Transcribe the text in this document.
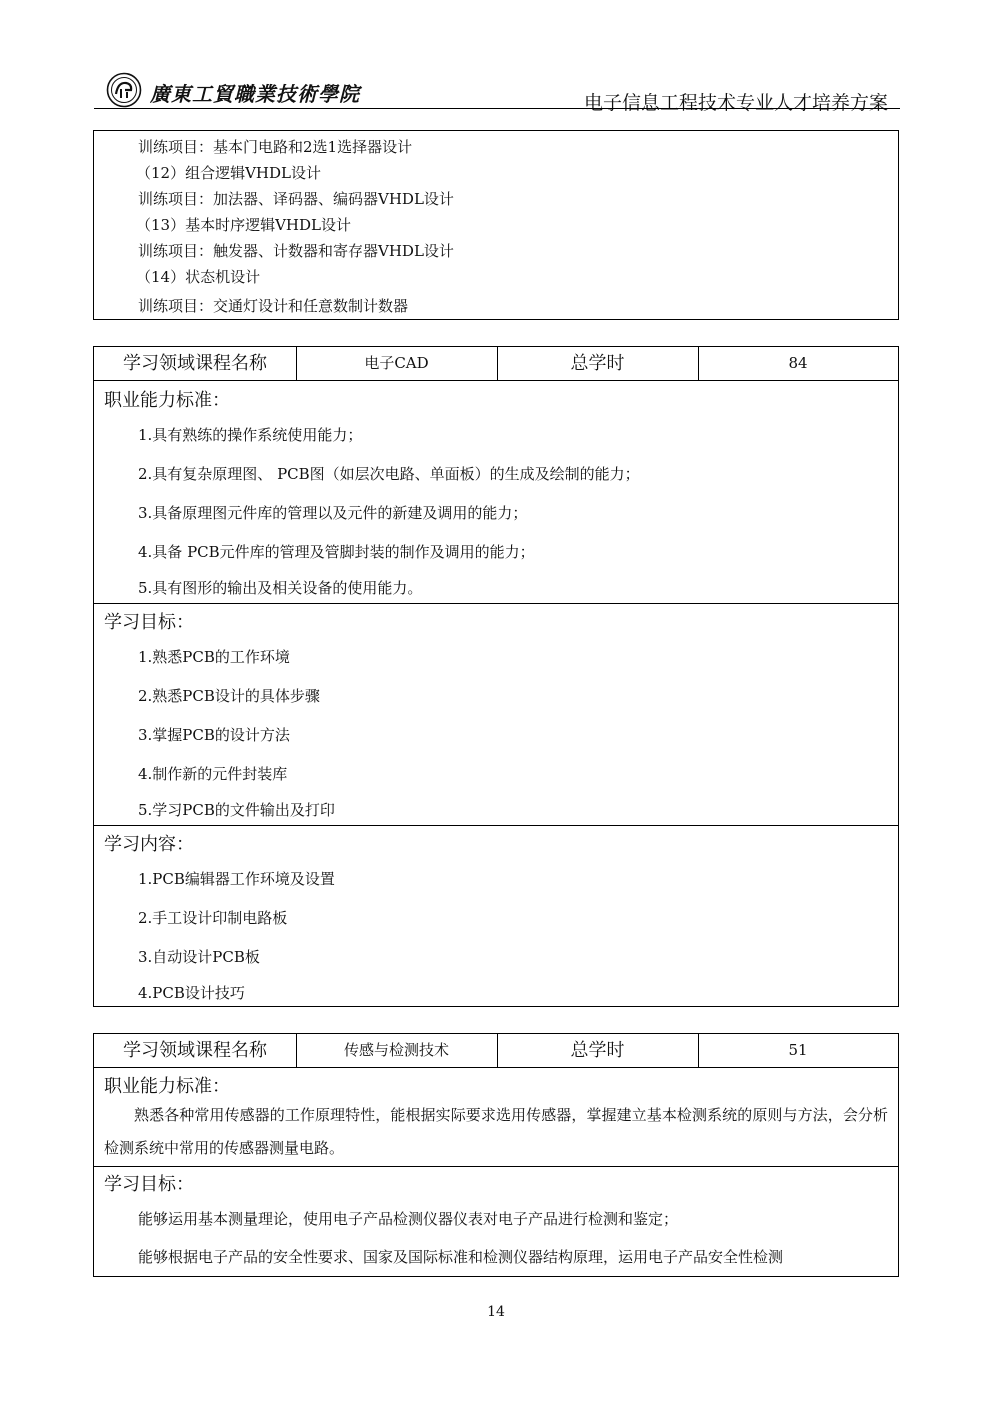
廣東工貿職業技術學院	电子信息工程技术专业人才培养方案
训练项目：基本门电路和2选1选择器设计
（12）组合逻辑VHDL设计
训练项目：加法器、译码器、编码器VHDL设计
（13）基本时序逻辑VHDL设计
训练项目：触发器、计数器和寄存器VHDL设计
（14）状态机设计
训练项目：交通灯设计和任意数制计数器
学习领域课程名称	电子CAD	总学时	84
职业能力标准：
1.具有熟练的操作系统使用能力；
2.具有复杂原理图、 PCB图（如层次电路、单面板）的生成及绘制的能力；
3.具备原理图元件库的管理以及元件的新建及调用的能力；
4.具备 PCB元件库的管理及管脚封装的制作及调用的能力；
5.具有图形的输出及相关设备的使用能力。
学习目标：
1.熟悉PCB的工作环境
2.熟悉PCB设计的具体步骤
3.掌握PCB的设计方法
4.制作新的元件封装库
5.学习PCB的文件输出及打印
学习内容：
1.PCB编辑器工作环境及设置
2.手工设计印制电路板
3.自动设计PCB板
4.PCB设计技巧
学习领域课程名称	传感与检测技术	总学时	51
职业能力标准：
熟悉各种常用传感器的工作原理特性，能根据实际要求选用传感器，掌握建立基本检测系统的原则与方法，会分析检测系统中常用的传感器测量电路。
学习目标：
能够运用基本测量理论，使用电子产品检测仪器仪表对电子产品进行检测和鉴定；
能够根据电子产品的安全性要求、国家及国际标准和检测仪器结构原理，运用电子产品安全性检测
14
